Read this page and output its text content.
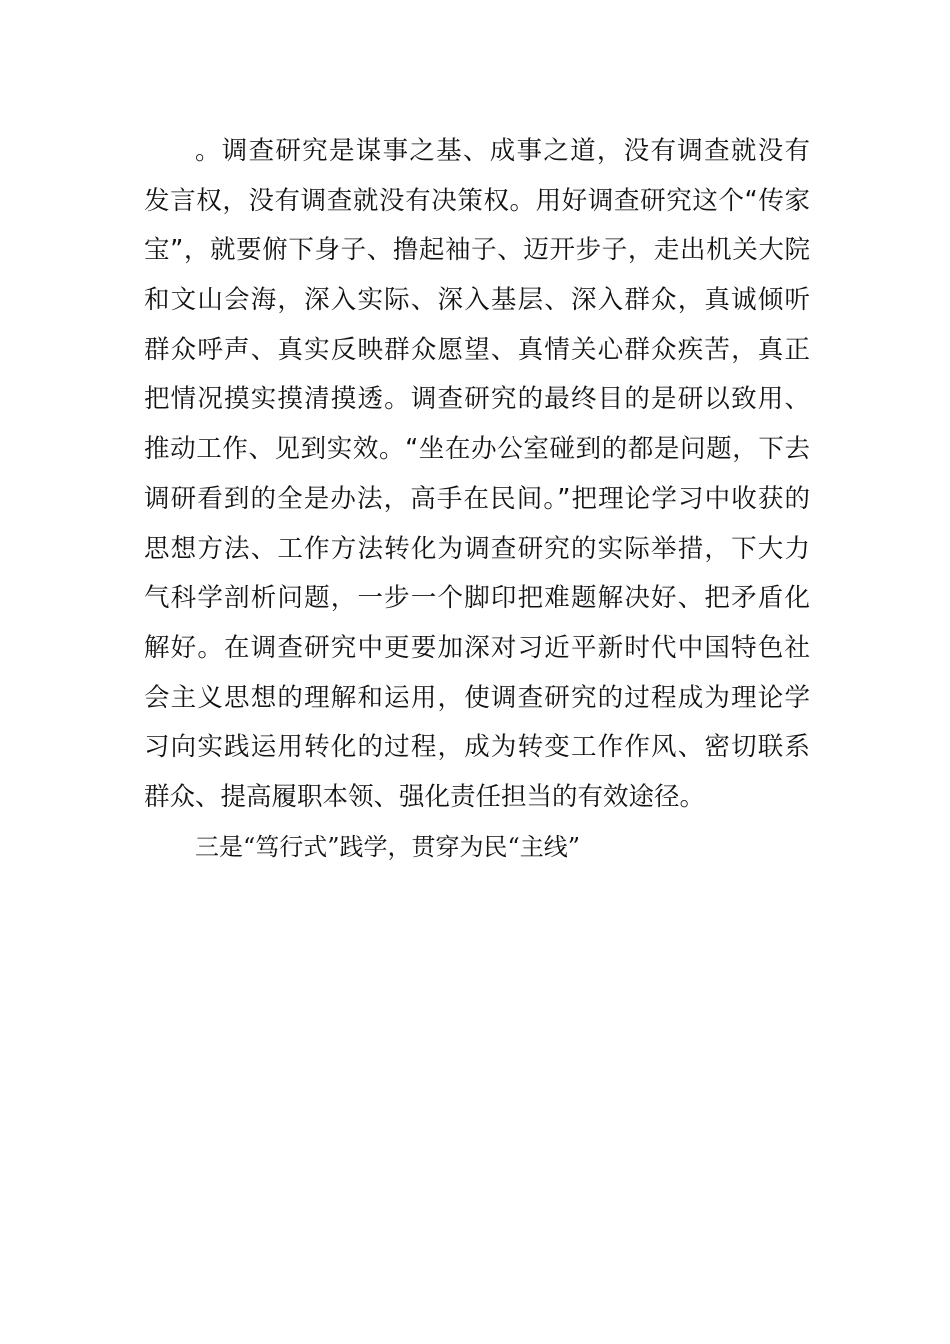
。调查研究是谋事之基、成事之道，没有调查就没有
发言权，没有调查就没有决策权。用好调查研究这个“传家
宝”，就要俯下身子、撸起袖子、迈开步子，走出机关大院
和文山会海，深入实际、深入基层、深入群众，真诚倾听
群众呼声、真实反映群众愿望、真情关心群众疾苦，真正
把情况摸实摸清摸透。调查研究的最终目的是研以致用、
推动工作、见到实效。“坐在办公室碰到的都是问题，下去
调研看到的全是办法，高手在民间。”把理论学习中收获的
思想方法、工作方法转化为调查研究的实际举措，下大力
气科学剖析问题，一步一个脚印把难题解决好、把矛盾化
解好。在调查研究中更要加深对习近平新时代中国特色社
会主义思想的理解和运用，使调查研究的过程成为理论学
习向实践运用转化的过程，成为转变工作作风、密切联系
群众、提高履职本领、强化责任担当的有效途径。
三是“笃行式”践学，贯穿为民“主线”
